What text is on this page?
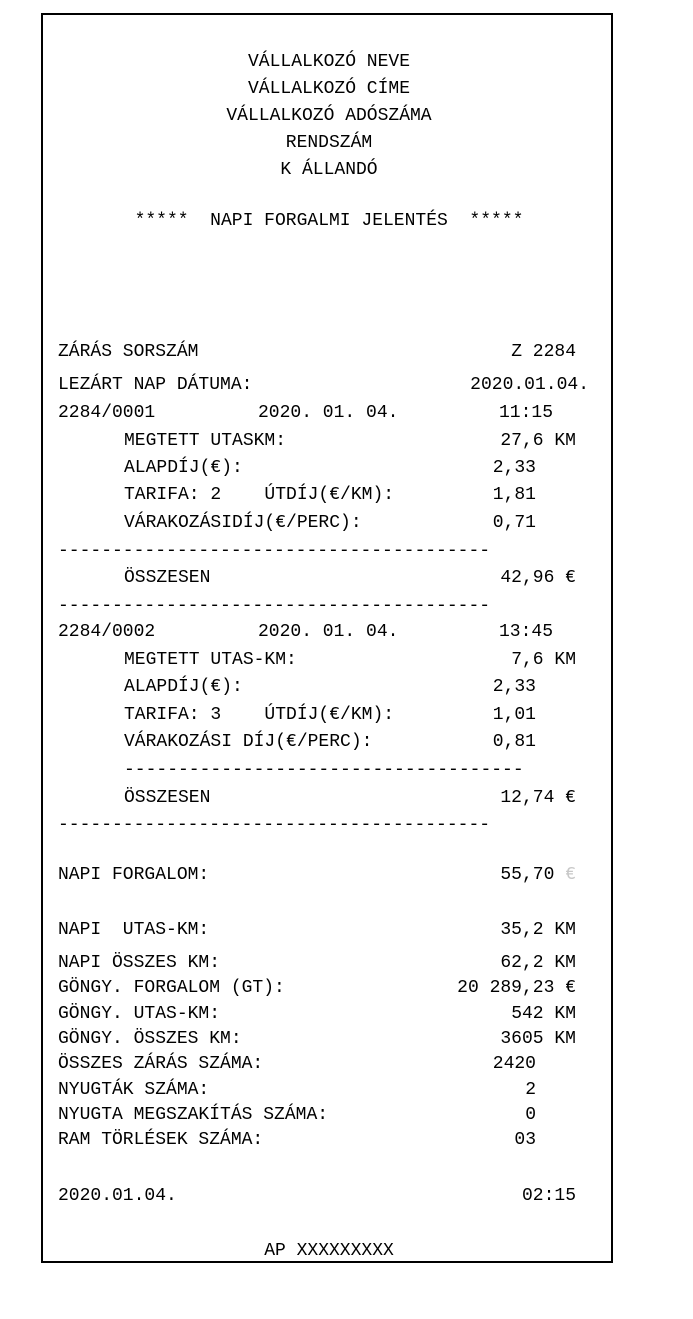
VÁLLALKOZÓ NEVE

VÁLLALKOZÓ CÍME

VÁLLALKOZÓ ADÓSZÁMA

RENDSZÁM

K ÁLLANDÓ

*****  NAPI FORGALMI JELENTÉS  *****

ZÁRÁS SORSZÁM	Z 2284

LEZÁRT NAP DÁTUMA:	2020.01.04.

2284/0001	2020. 01. 04.	11:15

MEGTETT UTASKM:	27,6 KM

ALAPDÍJ(€):	2,33

TARIFA: 2    ÚTDÍJ(€/KM):	1,81

VÁRAKOZÁSIDÍJ(€/PERC):	0,71

----------------------------------------

ÖSSZESEN	42,96 €

----------------------------------------

2284/0002	2020. 01. 04.	13:45

MEGTETT UTAS-KM:	7,6 KM

ALAPDÍJ(€):	2,33

TARIFA: 3    ÚTDÍJ(€/KM):	1,01

VÁRAKOZÁSI DÍJ(€/PERC):	0,81

-------------------------------------

ÖSSZESEN	12,74 €

----------------------------------------

NAPI FORGALOM:	55,70 €

NAPI  UTAS-KM:	35,2 KM

NAPI ÖSSZES KM:	62,2 KM

GÖNGY. FORGALOM (GT):	20 289,23 €

GÖNGY. UTAS-KM:	542 KM

GÖNGY. ÖSSZES KM:	3605 KM

ÖSSZES ZÁRÁS SZÁMA:	2420

NYUGTÁK SZÁMA:	2

NYUGTA MEGSZAKÍTÁS SZÁMA:	0

RAM TÖRLÉSEK SZÁMA:	03

2020.01.04.	02:15

AP XXXXXXXXX
